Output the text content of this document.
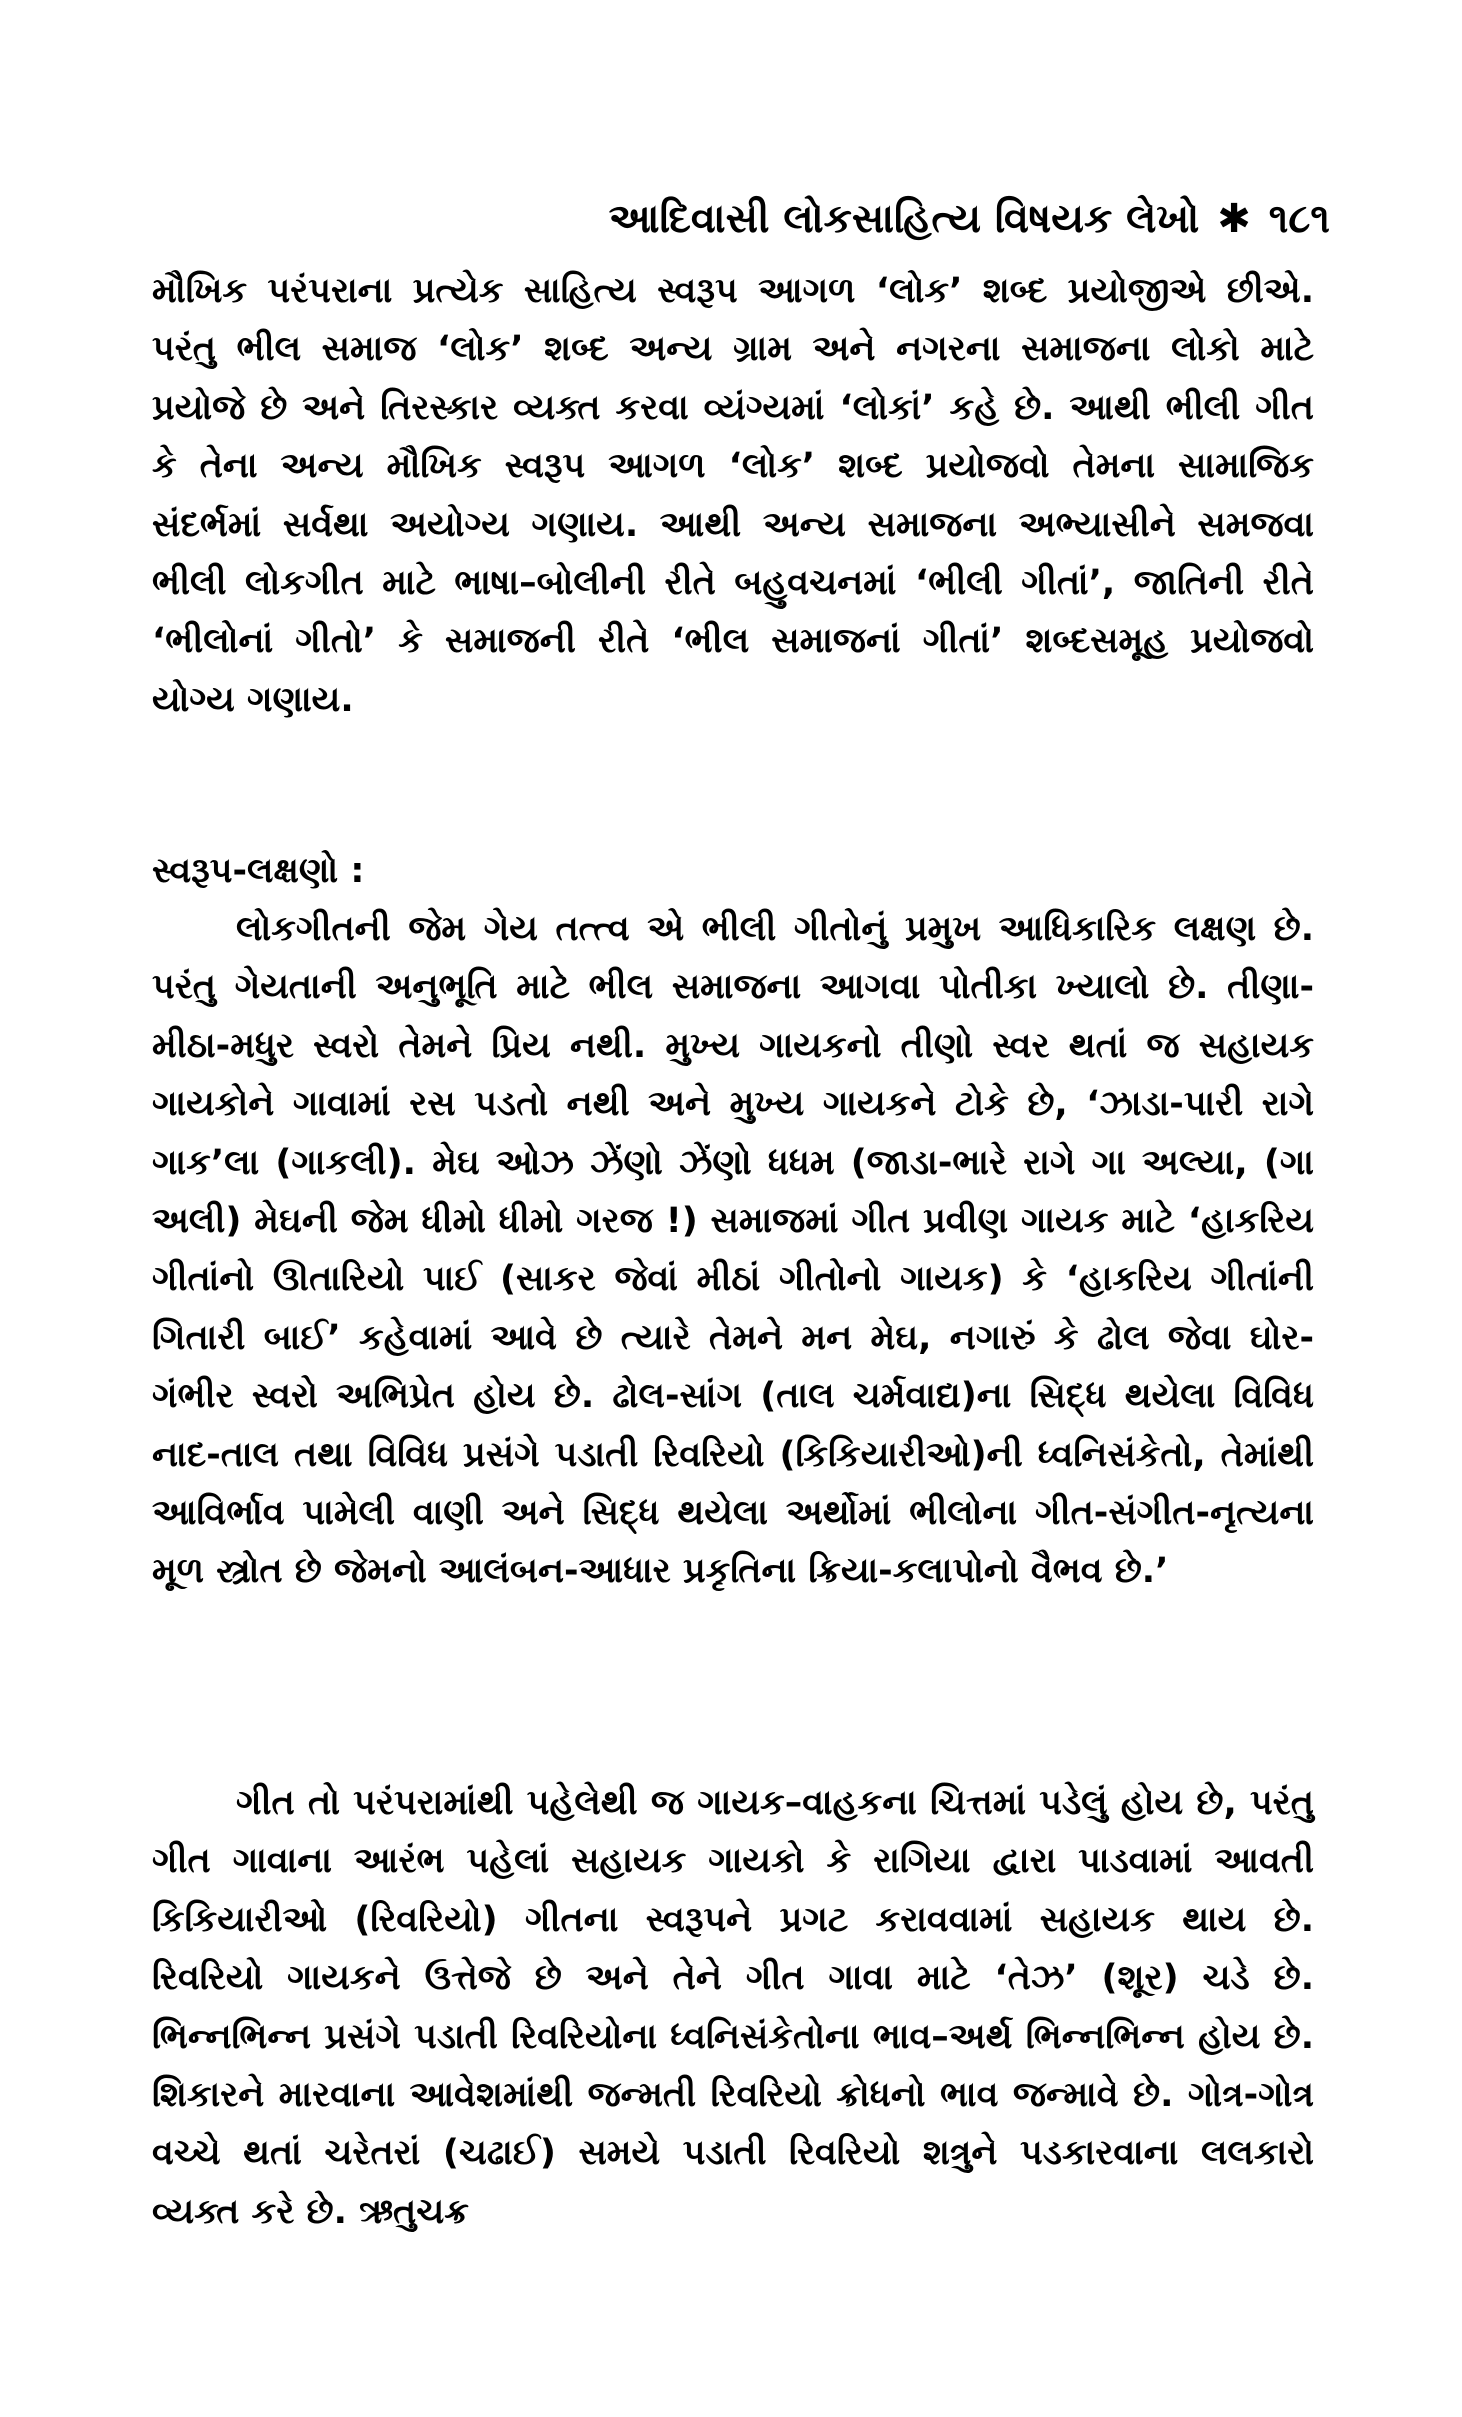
આદિવાસી લોકસાહિત્ય વિષયક લેખો ✱ ૧૮૧

મૌખિક પરંપરાના પ્રત્યેક સાહિત્ય સ્વરૂપ આગળ ‘લોક’ શબ્દ પ્રયોજીએ છીએ. પરંતુ ભીલ સમાજ ‘લોક’ શબ્દ અન્ય ગ્રામ અને નગરના સમાજના લોકો માટે પ્રયોજે છે અને તિરસ્કાર વ્યક્ત કરવા વ્યંગ્યમાં ‘લોકાં’ કહે છે. આથી ભીલી ગીત કે તેના અન્ય મૌખિક સ્વરૂપ આગળ ‘લોક’ શબ્દ પ્રયોજવો તેમના સામાજિક સંદર્ભમાં સર્વથા અયોગ્ય ગણાય. આથી અન્ય સમાજના અભ્યાસીને સમજવા ભીલી લોકગીત માટે ભાષા–બોલીની રીતે બહુવચનમાં ‘ભીલી ગીતાં’, જાતિની રીતે ‘ભીલોનાં ગીતો’ કે સમાજની રીતે ‘ભીલ સમાજનાં ગીતાં’ શબ્દસમૂહ પ્રયોજવો યોગ્ય ગણાય.

સ્વરૂપ-લક્ષણો :

લોકગીતની જેમ ગેય તત્ત્વ એ ભીલી ગીતોનું પ્રમુખ આધિકારિક લક્ષણ છે. પરંતુ ગેયતાની અનુભૂતિ માટે ભીલ સમાજના આગવા પોતીકા ખ્યાલો છે. તીણા-મીઠા-મધુર સ્વરો તેમને પ્રિય નથી. મુખ્ય ગાયકનો તીણો સ્વર થતાં જ સહાયક ગાયકોને ગાવામાં રસ પડતો નથી અને મુખ્ય ગાયકને ટોકે છે, ‘ઝાડા-પારી રાગે ગાક’લા (ગાકલી). મેઘ ઓઝ ઝેંણો ઝેંણો ધધમ (જાડા-ભારે રાગે ગા અલ્યા, (ગા અલી) મેઘની જેમ ધીમો ધીમો ગરજ !) સમાજમાં ગીત પ્રવીણ ગાયક માટે ‘હાકરિય ગીતાંનો ઊતારિયો પાઈ (સાકર જેવાં મીઠાં ગીતોનો ગાયક) કે ‘હાકરિય ગીતાંની ગિતારી બાઈ’ કહેવામાં આવે છે ત્યારે તેમને મન મેઘ, નગારું કે ઢોલ જેવા ઘોર-ગંભીર સ્વરો અભિપ્રેત હોય છે. ઢોલ-સાંગ (તાલ ચર્મવાદ્ય)ના સિદ્ધ થયેલા વિવિધ નાદ-તાલ તથા વિવિધ પ્રસંગે પડાતી રિવરિયો (કિકિયારીઓ)ની ધ્વનિસંકેતો, તેમાંથી આવિર્ભાવ પામેલી વાણી અને સિદ્ધ થયેલા અર્થોમાં ભીલોના ગીત-સંગીત-નૃત્યના મૂળ સ્ત્રોત છે જેમનો આલંબન-આધાર પ્રકૃતિના ક્રિયા-કલાપોનો વૈભવ છે.’

ગીત તો પરંપરામાંથી પહેલેથી જ ગાયક–વાહકના ચિત્તમાં પડેલું હોય છે, પરંતુ ગીત ગાવાના આરંભ પહેલાં સહાયક ગાયકો કે રાગિયા દ્વારા પાડવામાં આવતી કિકિયારીઓ (રિવરિયો) ગીતના સ્વરૂપને પ્રગટ કરાવવામાં સહાયક થાય છે. રિવરિયો ગાયકને ઉત્તેજે છે અને તેને ગીત ગાવા માટે ‘તેઝ’ (શૂર) ચડે છે. ભિન્નભિન્ન પ્રસંગે પડાતી રિવરિયોના ધ્વનિસંકેતોના ભાવ–અર્થ ભિન્નભિન્ન હોય છે. શિકારને મારવાના આવેશમાંથી જન્મતી રિવરિયો ક્રોધનો ભાવ જન્માવે છે. ગોત્ર-ગોત્ર વચ્ચે થતાં ચરેતરાં (ચઢાઈ) સમયે પડાતી રિવરિયો શત્રુને પડકારવાના લલકારો વ્યક્ત કરે છે. ઋતુચક્ર
